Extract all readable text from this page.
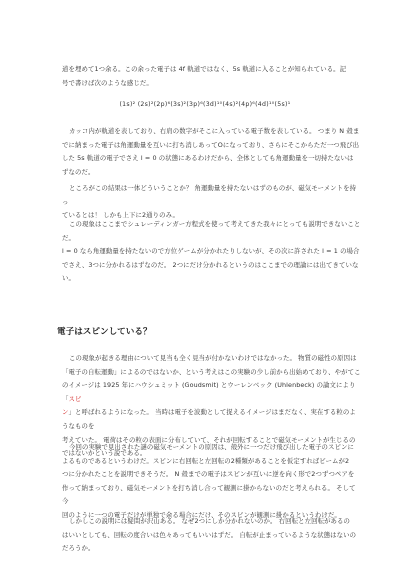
道を埋めて1つ余る。この余った電子は 4f 軌道ではなく、5s 軌道に入ることが知られている。記
号で書けば次のような感じだ。

(1s)² (2s)²(2p)⁶(3s)²(3p)⁶(3d)¹⁰(4s)²(4p)⁶(4d)¹⁰(5s)¹

カッコ内が軌道を表しており、右肩の数字がそこに入っている電子数を表している。 つまり N 殻ま
でに納まった電子は角運動量を互いに打ち消しあってOになっており、さらにそこからただ一つ飛び出
した 5s 軌道の電子でさえ l = 0 の状態にあるわけだから、全体としても角運動量を一切持たないは
ずなのだ。

ところがこの結果は一体どういうことか？ 角運動量を持たないはずのものが、磁気モーメントを持っ
ているとは！ しかも上下に2通りのみ。

この現象はここまでシュレーディンガー方程式を使って考えてきた我々にとっても説明できないことだ。
l = 0 なら角運動量を持たないので方位ゲームが分かれたりしないが、その次に許された l = 1 の場合
でさえ、3つに分かれるはずなのだ。 2つにだけ分かれるというのはここまでの理論には出てきていな
い。

電子はスピンしている？

この現象が起きる理由について見当も全く見当が付かないわけではなかった。 物質の磁性の原因は
「電子の自転運動」によるのではないか、という考えはこの実験の少し前から出始めており、やがてこ
のイメージは 1925 年にハウシュミット (Goudsmit) とウーレンベック (Uhlenbeck) の論文により「スピ
ン」と呼ばれるようになった。 当時は電子を波動として捉えるイメージはまだなく、実在する粒のようなものを
考えていた。 電荷はその粒の表面に分布していて、それが回転することで磁気モーメントが生じるの
ではないかという説である。

今回の実験で見出された謎の磁気モーメントの原因は、殻外に一つだけ飛び出した電子のスピンに
よるものであるというわけだ。スピンに右回転と左回転の2種類があることを仮定すればビームが2
つに分かれたことを説明できそうだ。 N 殻までの電子はスピンが互いに逆を向く形で2つずつペアを
作って納まっており、磁気モーメントを打ち消し合って観測に掛からないのだと考えられる。 そして今
回のように一つの電子だけが単独で余る場合にだけ、そのスピンが観測に掛かるというわけだ。

しかしこの説明には疑問が沢山ある。 なぜ2つにしか分かれないのか。 右回転と左回転があるの
はいいとしても、回転の度合いは色々あってもいいはずだ。 自転が止まっているような状態はないの
だろうか。
